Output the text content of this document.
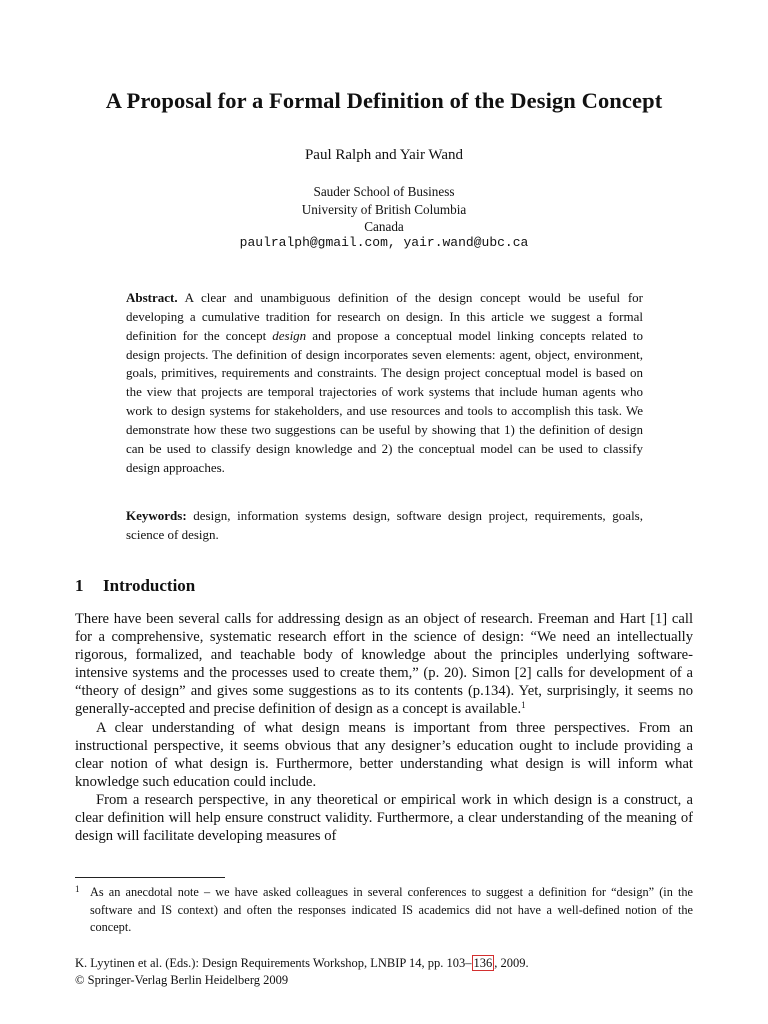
A Proposal for a Formal Definition of the Design Concept
Paul Ralph and Yair Wand
Sauder School of Business
University of British Columbia
Canada
paulralph@gmail.com, yair.wand@ubc.ca
Abstract. A clear and unambiguous definition of the design concept would be useful for developing a cumulative tradition for research on design. In this article we suggest a formal definition for the concept design and propose a conceptual model linking concepts related to design projects. The definition of design incorporates seven elements: agent, object, environment, goals, primitives, requirements and constraints. The design project conceptual model is based on the view that projects are temporal trajectories of work systems that include human agents who work to design systems for stakeholders, and use resources and tools to accomplish this task. We demonstrate how these two suggestions can be useful by showing that 1) the definition of design can be used to classify design knowledge and 2) the conceptual model can be used to classify design approaches.
Keywords: design, information systems design, software design project, requirements, goals, science of design.
1 Introduction

There have been several calls for addressing design as an object of research. Freeman and Hart [1] call for a comprehensive, systematic research effort in the science of design: “We need an intellectually rigorous, formalized, and teachable body of knowledge about the principles underlying software-intensive systems and the processes used to create them,” (p. 20). Simon [2] calls for development of a “theory of design” and gives some suggestions as to its contents (p.134). Yet, surprisingly, it seems no generally-accepted and precise definition of design as a concept is available.$^1$

A clear understanding of what design means is important from three perspectives. From an instructional perspective, it seems obvious that any designer’s education ought to include providing a clear notion of what design is. Furthermore, better understanding what design is will inform what knowledge such education could include.

From a research perspective, in any theoretical or empirical work in which design is a construct, a clear definition will help ensure construct validity. Furthermore, a clear understanding of the meaning of design will facilitate developing measures of

1 As an anecdotal note – we have asked colleagues in several conferences to suggest a definition for “design” (in the software and IS context) and often the responses indicated IS academics did not have a well-defined notion of the concept.
K. Lyytinen et al. (Eds.): Design Requirements Workshop, LNBIP 14, pp. 103– 136 , 2009.
© Springer-Verlag Berlin Heidelberg 2009
